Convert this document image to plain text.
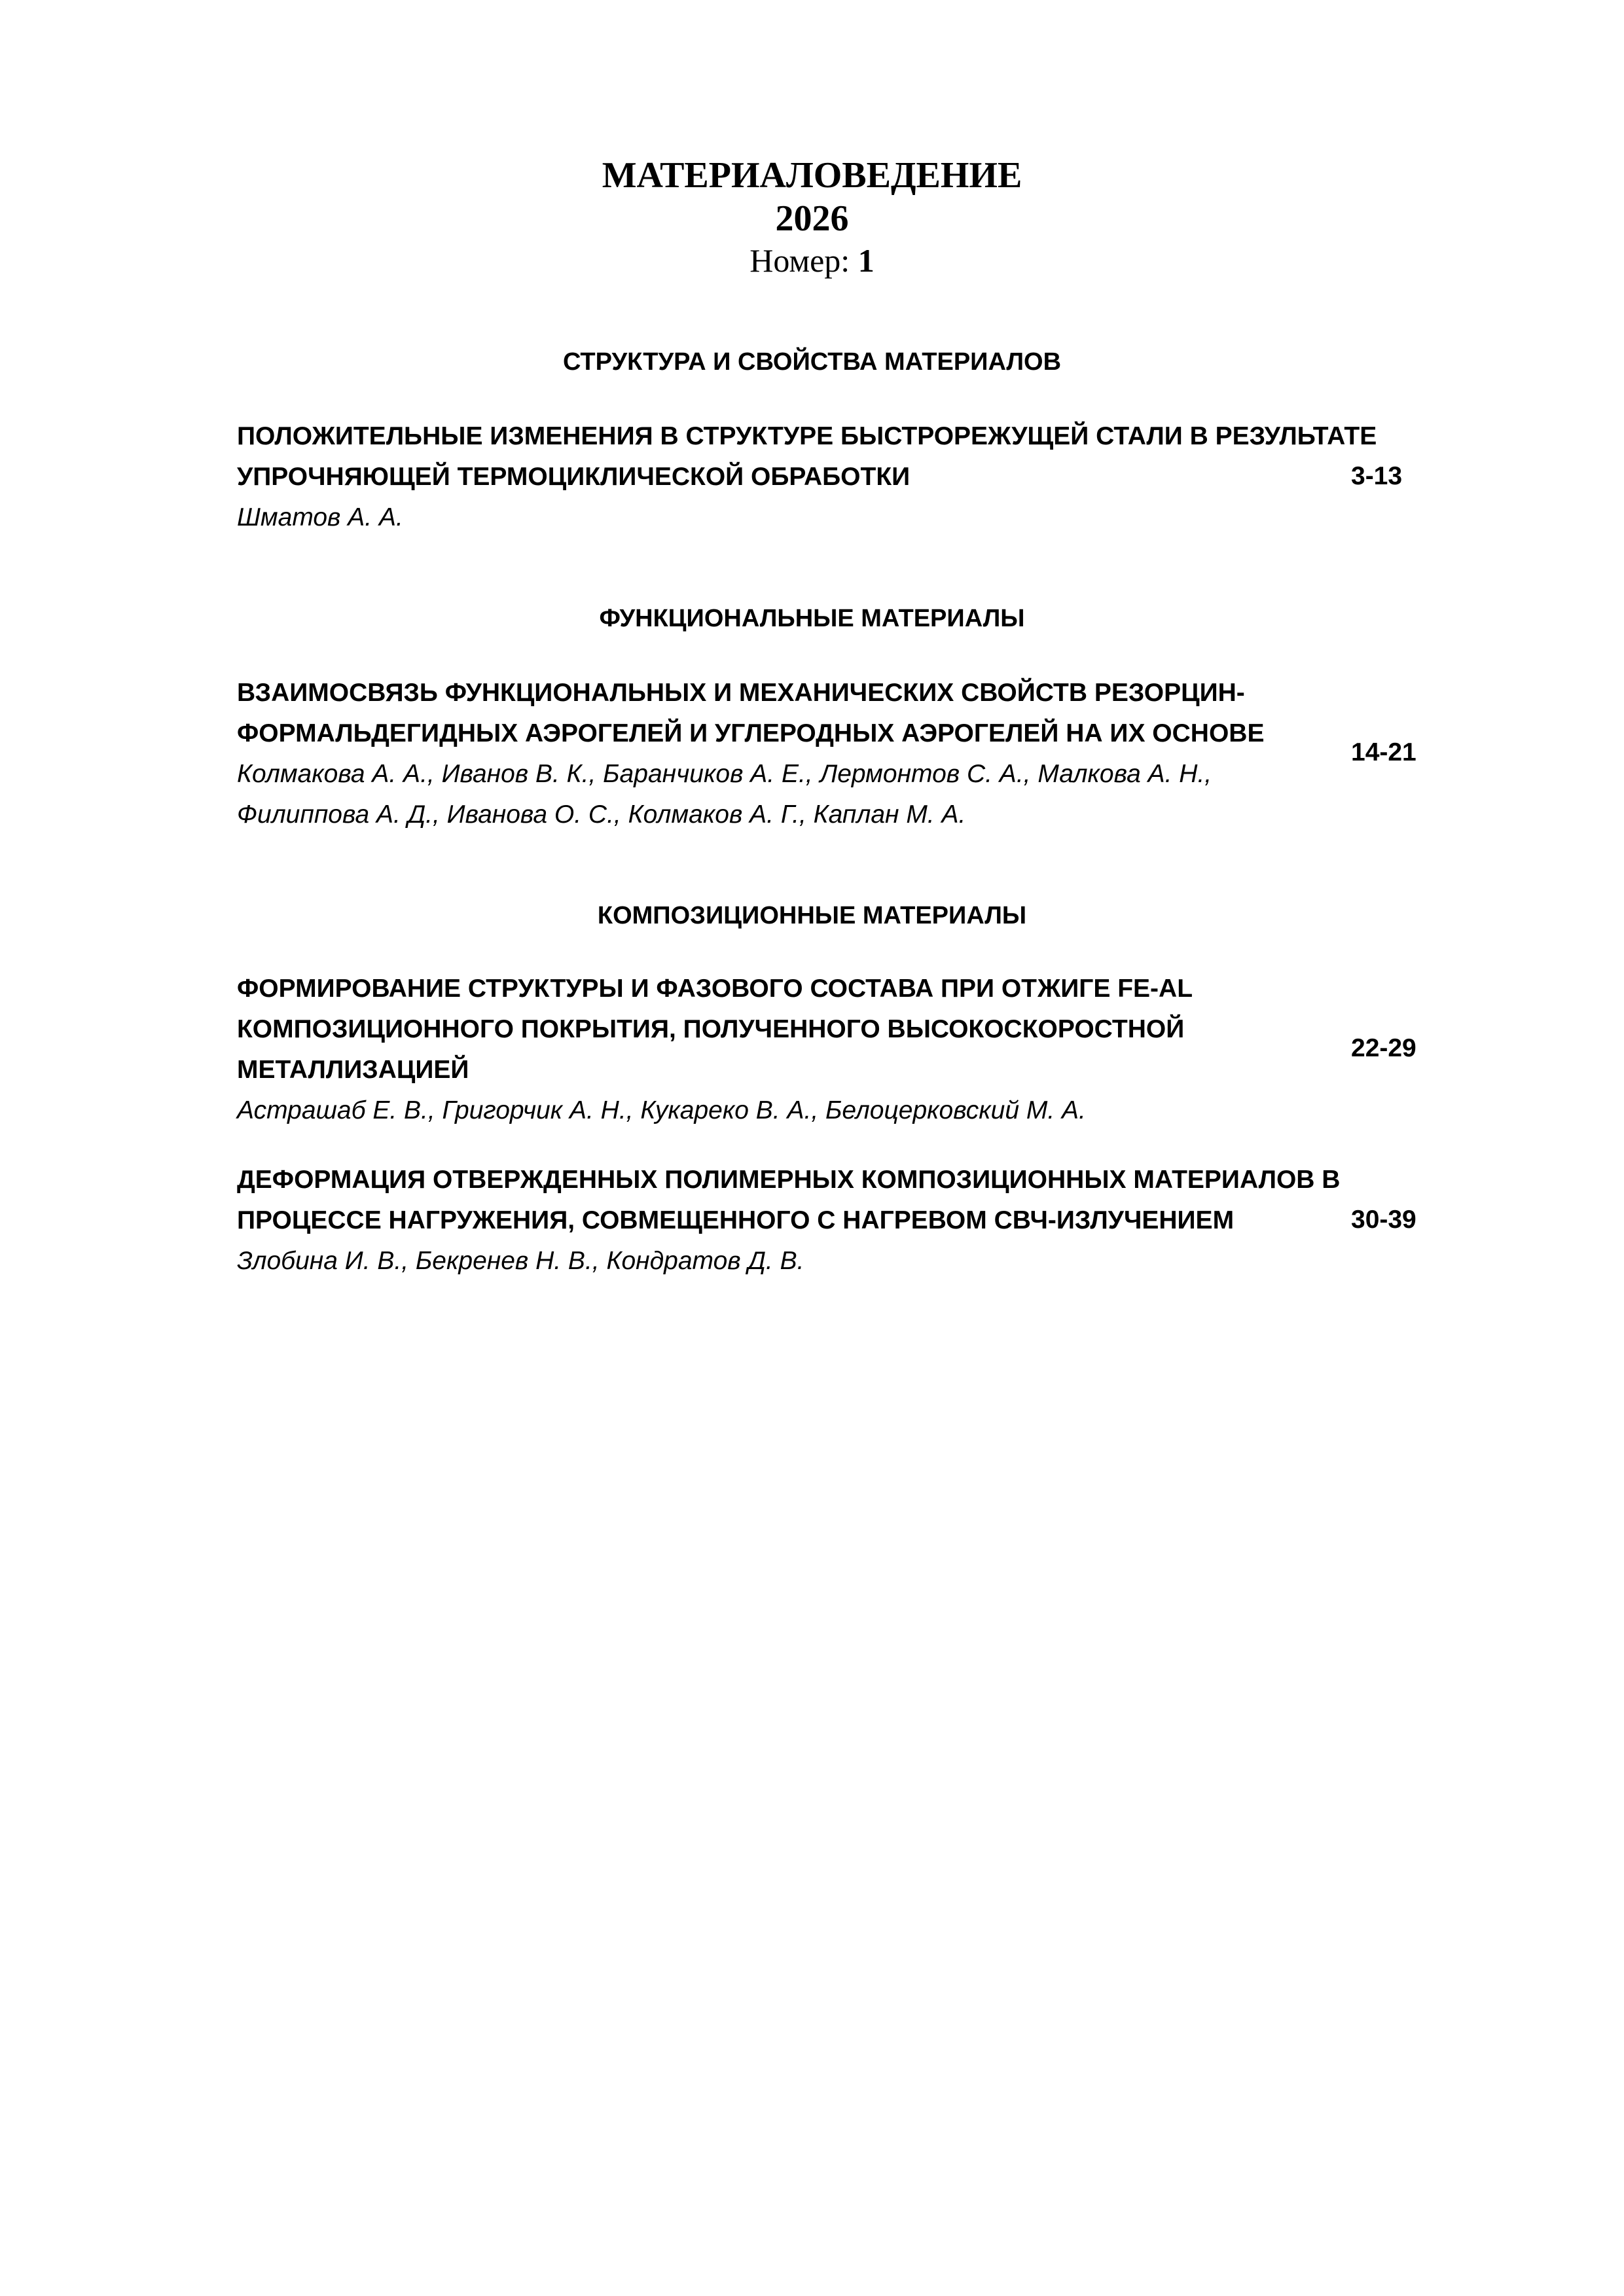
МАТЕРИАЛОВЕДЕНИЕ
2026
Номер: 1
СТРУКТУРА И СВОЙСТВА МАТЕРИАЛОВ
ПОЛОЖИТЕЛЬНЫЕ ИЗМЕНЕНИЯ В СТРУКТУРЕ БЫСТРОРЕЖУЩЕЙ СТАЛИ В РЕЗУЛЬТАТЕ
УПРОЧНЯЮЩЕЙ ТЕРМОЦИКЛИЧЕСКОЙ ОБРАБОТКИ
Шматов А. А.
3-13
ФУНКЦИОНАЛЬНЫЕ МАТЕРИАЛЫ
ВЗАИМОСВЯЗЬ ФУНКЦИОНАЛЬНЫХ И МЕХАНИЧЕСКИХ СВОЙСТВ РЕЗОРЦИН-
ФОРМАЛЬДЕГИДНЫХ АЭРОГЕЛЕЙ И УГЛЕРОДНЫХ АЭРОГЕЛЕЙ НА ИХ ОСНОВЕ
Колмакова А. А., Иванов В. К., Баранчиков А. Е., Лермонтов С. А., Малкова А. Н.,
Филиппова А. Д., Иванова О. С., Колмаков А. Г., Каплан М. А.
14-21
КОМПОЗИЦИОННЫЕ МАТЕРИАЛЫ
ФОРМИРОВАНИЕ СТРУКТУРЫ И ФАЗОВОГО СОСТАВА ПРИ ОТЖИГЕ FE-AL
КОМПОЗИЦИОННОГО ПОКРЫТИЯ, ПОЛУЧЕННОГО ВЫСОКОСКОРОСТНОЙ
МЕТАЛЛИЗАЦИЕЙ
Астрашаб Е. В., Григорчик А. Н., Кукареко В. А., Белоцерковский М. А.
22-29
ДЕФОРМАЦИЯ ОТВЕРЖДЕННЫХ ПОЛИМЕРНЫХ КОМПОЗИЦИОННЫХ МАТЕРИАЛОВ В
ПРОЦЕССЕ НАГРУЖЕНИЯ, СОВМЕЩЕННОГО С НАГРЕВОМ СВЧ-ИЗЛУЧЕНИЕМ
Злобина И. В., Бекренев Н. В., Кондратов Д. В.
30-39
